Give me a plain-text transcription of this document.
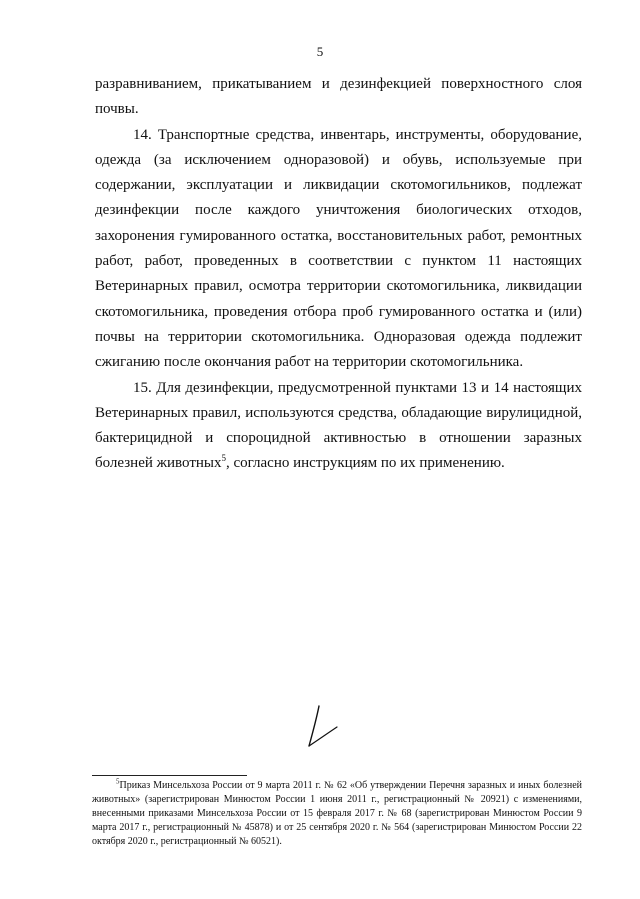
5

разравниванием, прикатыванием и дезинфекцией поверхностного слоя почвы.

14. Транспортные средства, инвентарь, инструменты, оборудование, одежда (за исключением одноразовой) и обувь, используемые при содержании, эксплуатации и ликвидации скотомогильников, подлежат дезинфекции после каждого уничтожения биологических отходов, захоронения гумированного остатка, восстановительных работ, ремонтных работ, работ, проведенных в соответствии с пунктом 11 настоящих Ветеринарных правил, осмотра территории скотомогильника, ликвидации скотомогильника, проведения отбора проб гумированного остатка и (или) почвы на территории скотомогильника. Одноразовая одежда подлежит сжиганию после окончания работ на территории скотомогильника.

15. Для дезинфекции, предусмотренной пунктами 13 и 14 настоящих Ветеринарных правил, используются средства, обладающие вирулицидной, бактерицидной и спороцидной активностью в отношении заразных болезней животных$^5$, согласно инструкциям по их применению.

$^5$Приказ Минсельхоза России от 9 марта 2011 г. № 62 «Об утверждении Перечня заразных и иных болезней животных» (зарегистрирован Минюстом России 1 июня 2011 г., регистрационный № 20921) с изменениями, внесенными приказами Минсельхоза России от 15 февраля 2017 г. № 68 (зарегистрирован Минюстом России 9 марта 2017 г., регистрационный № 45878) и от 25 сентября 2020 г. № 564 (зарегистрирован Минюстом России 22 октября 2020 г., регистрационный № 60521).
